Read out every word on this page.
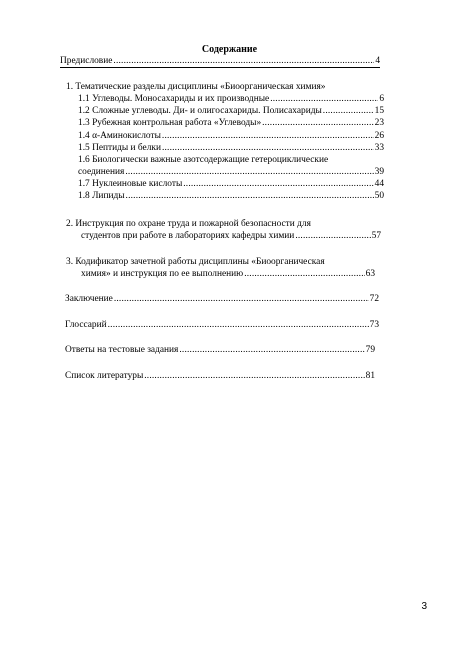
Содержание
Предисловие .....	4
1. Тематические разделы дисциплины «Биоорганическая химия»
1.1 Углеводы. Моносахариды и их производные .....	6
1.2 Сложные углеводы. Ди- и олигосахариды. Полисахариды .....	15
1.3 Рубежная контрольная работа «Углеводы» .....	23
1.4 α-Аминокислоты .....	26
1.5 Пептиды и белки .....	33
1.6 Биологически важные азотсодержащие гетероциклические
соединения .....	39
1.7 Нуклеиновые кислоты .....	44
1.8 Липиды .....	50
2. Инструкция по охране труда и пожарной безопасности для
студентов при работе в лабораториях кафедры химии .....	57
3. Кодификатор зачетной работы дисциплины «Биоорганическая
химия» и инструкция по ее выполнению .....	63
Заключение .....	72
Глоссарий .....	73
Ответы на тестовые задания .....	79
Список литературы .....	81
3
